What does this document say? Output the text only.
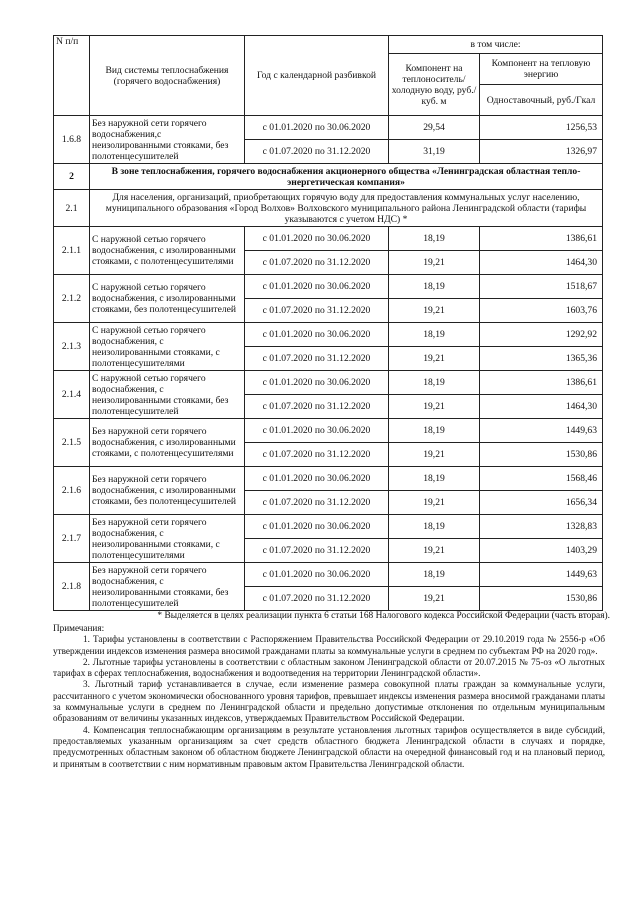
N п/п	Вид системы теплоснабжения (горячего водоснабжения)	Год с календарной разбивкой	в том числе:	
			Компонент на теплоноситель/холодную воду, руб./куб. м	Компонент на тепловую энергию
				Одноставочный, руб./Гкал
1.6.8	Без наружной сети горячего водоснабжения,с неизолированными стояками, без полотенцесушителей	с 01.01.2020 по 30.06.2020	29,54	1256,53
		с 01.07.2020 по 31.12.2020	31,19	1326,97
2	В зоне теплоснабжения, горячего водоснабжения акционерного общества «Ленинградская областная тепло-энергетическая компания»			
2.1	Для населения, организаций, приобретающих горячую воду для предоставления коммунальных услуг населению, муниципального образования «Город Волхов» Волховского муниципального района Ленинградской области (тарифы указываются с учетом НДС) *			
2.1.1	С наружной сетью горячего водоснабжения, с изолированными стояками, с полотенцесушителями	с 01.01.2020 по 30.06.2020	18,19	1386,61
		с 01.07.2020 по 31.12.2020	19,21	1464,30
2.1.2	С наружной сетью горячего водоснабжения, с изолированными стояками, без полотенцесушителей	с 01.01.2020 по 30.06.2020	18,19	1518,67
		с 01.07.2020 по 31.12.2020	19,21	1603,76
2.1.3	С наружной сетью горячего водоснабжения, с неизолированными стояками, с полотенцесушителями	с 01.01.2020 по 30.06.2020	18,19	1292,92
		с 01.07.2020 по 31.12.2020	19,21	1365,36
2.1.4	С наружной сетью горячего водоснабжения, с неизолированными стояками, без полотенцесушителей	с 01.01.2020 по 30.06.2020	18,19	1386,61
		с 01.07.2020 по 31.12.2020	19,21	1464,30
2.1.5	Без наружной сети горячего водоснабжения, с изолированными стояками, с полотенцесушителями	с 01.01.2020 по 30.06.2020	18,19	1449,63
		с 01.07.2020 по 31.12.2020	19,21	1530,86
2.1.6	Без наружной сети горячего водоснабжения, с изолированными стояками, без полотенцесушителей	с 01.01.2020 по 30.06.2020	18,19	1568,46
		с 01.07.2020 по 31.12.2020	19,21	1656,34
2.1.7	Без наружной сети горячего водоснабжения, с неизолированными стояками, с полотенцесушителями	с 01.01.2020 по 30.06.2020	18,19	1328,83
		с 01.07.2020 по 31.12.2020	19,21	1403,29
2.1.8	Без наружной сети горячего водоснабжения, с неизолированными стояками, без полотенцесушителей	с 01.01.2020 по 30.06.2020	18,19	1449,63
		с 01.07.2020 по 31.12.2020	19,21	1530,86
* Выделяется в целях реализации пункта 6 статьи 168 Налогового кодекса Российской Федерации (часть вторая).

Примечания:

1. Тарифы установлены в соответствии с Распоряжением Правительства Российской Федерации от 29.10.2019 года № 2556-р «Об утверждении индексов изменения размера вносимой гражданами платы за коммунальные услуги в среднем по субъектам РФ на 2020 год».

2. Льготные тарифы установлены в соответствии с областным законом Ленинградской области от 20.07.2015 № 75-оз «О льготных тарифах в сферах теплоснабжения, водоснабжения и водоотведения на территории Ленинградской области».

3. Льготный тариф устанавливается в случае, если изменение размера совокупной платы граждан за коммунальные услуги, рассчитанного с учетом экономически обоснованного уровня тарифов, превышает индексы изменения размера вносимой гражданами платы за коммунальные услуги в среднем по Ленинградской области и предельно допустимые отклонения по отдельным муниципальным образованиям от величины указанных индексов, утверждаемых Правительством Российской Федерации.

4. Компенсация теплоснабжающим организациям в результате установления льготных тарифов осуществляется в виде субсидий, предоставляемых указанным организациям за счет средств областного бюджета Ленинградской области в случаях и порядке, предусмотренных областным законом об областном бюджете Ленинградской области на очередной финансовый год и на плановый период, и принятым в соответствии с ним нормативным правовым актом Правительства Ленинградской области.
